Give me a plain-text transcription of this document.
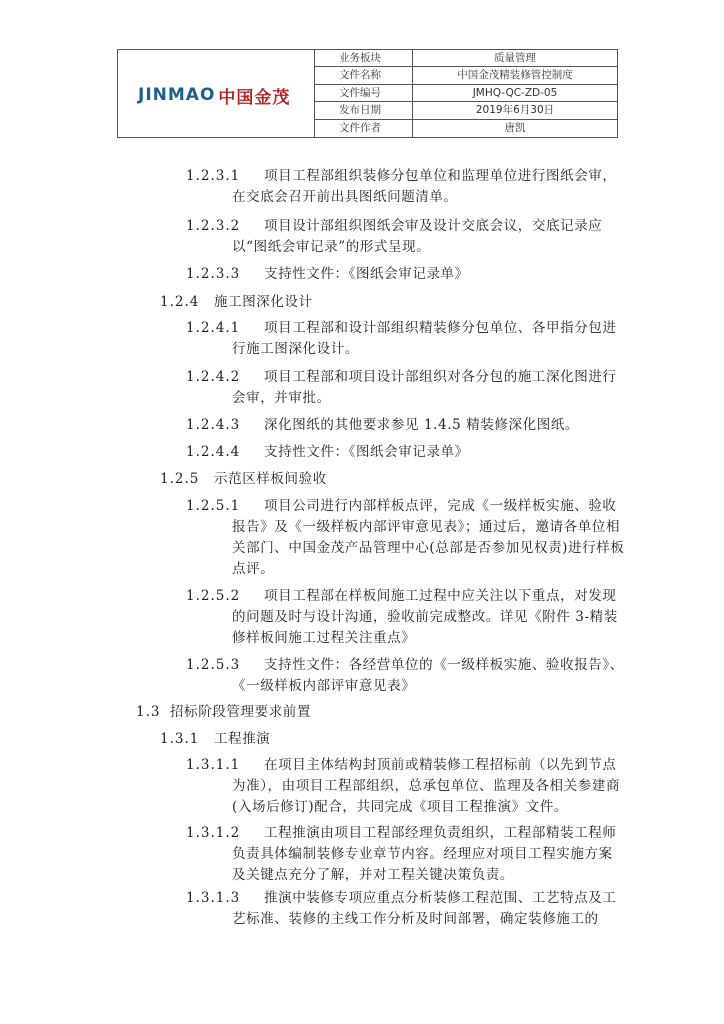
JINMAO 中国金茂
业务板块	质量管理
文件名称	中国金茂精装修管控制度
文件编号	JMHQ-QC-ZD-05
发布日期	2019年6月30日
文件作者	唐凯
1.2.3.1	项目工程部组织装修分包单位和监理单位进行图纸会审，在交底会召开前出具图纸问题清单。
1.2.3.2	项目设计部组织图纸会审及设计交底会议，交底记录应以“图纸会审记录”的形式呈现。
1.2.3.3 支持性文件：《图纸会审记录单》
1.2.4 施工图深化设计
1.2.4.1	项目工程部和设计部组织精装修分包单位、各甲指分包进行施工图深化设计。
1.2.4.2	项目工程部和项目设计部组织对各分包的施工深化图进行会审，并审批。
1.2.4.3 深化图纸的其他要求参见 1.4.5 精装修深化图纸。
1.2.4.4 支持性文件：《图纸会审记录单》
1.2.5 示范区样板间验收
1.2.5.1	项目公司进行内部样板点评，完成《一级样板实施、验收报告》及《一级样板内部评审意见表》；通过后，邀请各单位相关部门、中国金茂产品管理中心(总部是否参加见权责)进行样板点评。
1.2.5.2	项目工程部在样板间施工过程中应关注以下重点，对发现的问题及时与设计沟通，验收前完成整改。详见《附件 3-精装修样板间施工过程关注重点》
1.2.5.3	支持性文件：各经营单位的《一级样板实施、验收报告》、《一级样板内部评审意见表》
1.3 招标阶段管理要求前置
1.3.1 工程推演
1.3.1.1	在项目主体结构封顶前或精装修工程招标前（以先到节点为准），由项目工程部组织，总承包单位、监理及各相关参建商(入场后修订)配合，共同完成《项目工程推演》文件。
1.3.1.2	工程推演由项目工程部经理负责组织，工程部精装工程师负责具体编制装修专业章节内容。经理应对项目工程实施方案及关键点充分了解，并对工程关键决策负责。
1.3.1.3	推演中装修专项应重点分析装修工程范围、工艺特点及工艺标准、装修的主线工作分析及时间部署，确定装修施工的
